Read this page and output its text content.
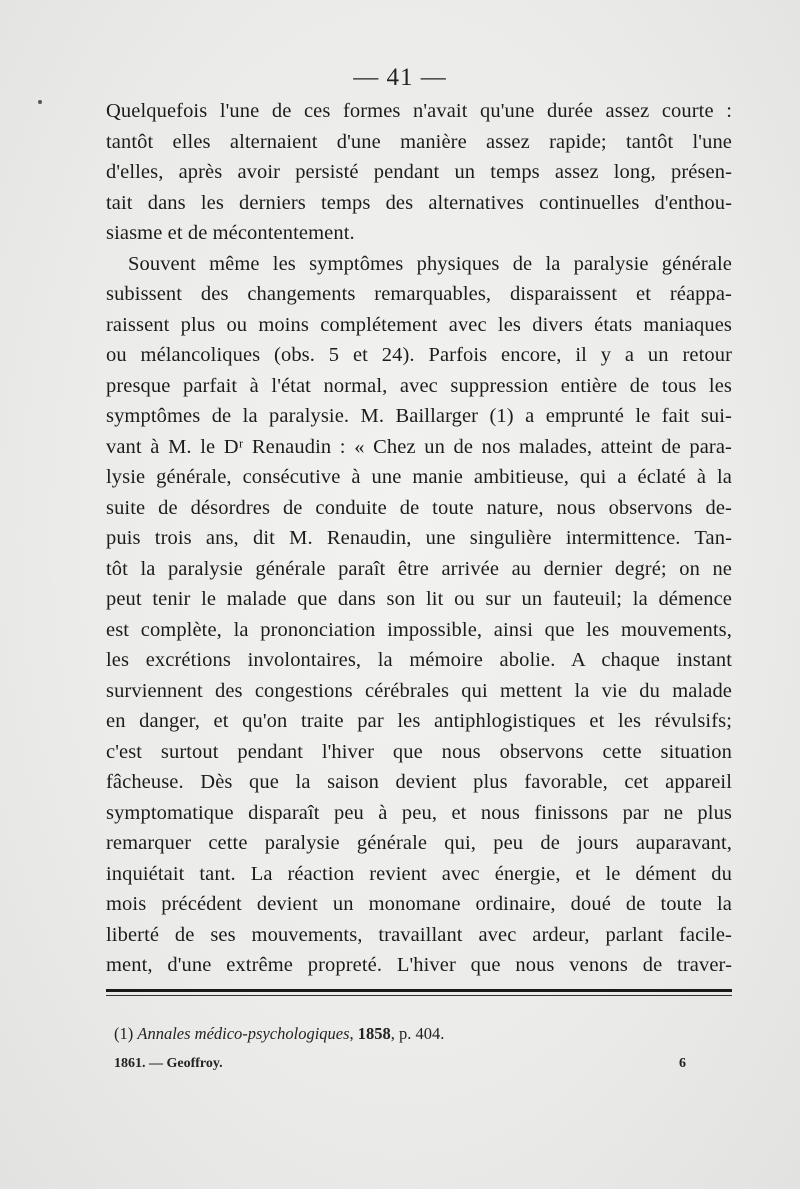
— 41 —

Quelquefois l'une de ces formes n'avait qu'une durée assez courte :

tantôt elles alternaient d'une manière assez rapide; tantôt l'une

d'elles, après avoir persisté pendant un temps assez long, présen-

tait dans les derniers temps des alternatives continuelles d'enthou-

siasme et de mécontentement.

Souvent même les symptômes physiques de la paralysie générale

subissent des changements remarquables, disparaissent et réappa-

raissent plus ou moins complétement avec les divers états maniaques

ou mélancoliques (obs. 5 et 24). Parfois encore, il y a un retour

presque parfait à l'état normal, avec suppression entière de tous les

symptômes de la paralysie. M. Baillarger (1) a emprunté le fait sui-

vant à M. le Dʳ Renaudin : « Chez un de nos malades, atteint de para-

lysie générale, consécutive à une manie ambitieuse, qui a éclaté à la

suite de désordres de conduite de toute nature, nous observons de-

puis trois ans, dit M. Renaudin, une singulière intermittence. Tan-

tôt la paralysie générale paraît être arrivée au dernier degré; on ne

peut tenir le malade que dans son lit ou sur un fauteuil; la démence

est complète, la prononciation impossible, ainsi que les mouvements,

les excrétions involontaires, la mémoire abolie. A chaque instant

surviennent des congestions cérébrales qui mettent la vie du malade

en danger, et qu'on traite par les antiphlogistiques et les révulsifs;

c'est surtout pendant l'hiver que nous observons cette situation

fâcheuse. Dès que la saison devient plus favorable, cet appareil

symptomatique disparaît peu à peu, et nous finissons par ne plus

remarquer cette paralysie générale qui, peu de jours auparavant,

inquiétait tant. La réaction revient avec énergie, et le dément du

mois précédent devient un monomane ordinaire, doué de toute la

liberté de ses mouvements, travaillant avec ardeur, parlant facile-

ment, d'une extrême propreté. L'hiver que nous venons de traver-

(1) Annales médico-psychologiques, 1858, p. 404.
1861. — Geoffroy.	6
